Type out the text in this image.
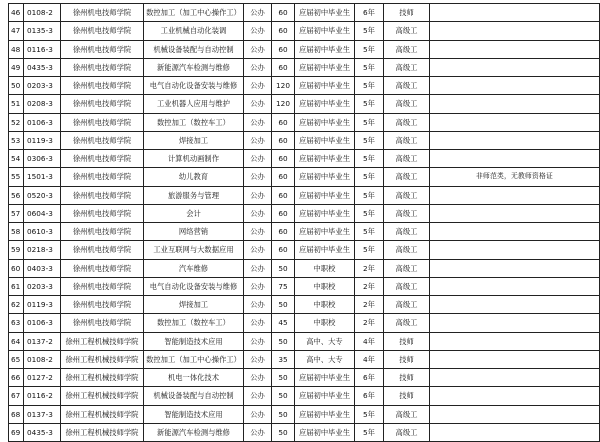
46	0108-2	徐州机电技师学院	数控加工（加工中心操作工）	公办	60	应届初中毕业生	6年	技师	
47	0135-3	徐州机电技师学院	工业机械自动化装调	公办	60	应届初中毕业生	5年	高级工	
48	0116-3	徐州机电技师学院	机械设备装配与自动控制	公办	60	应届初中毕业生	5年	高级工	
49	0435-3	徐州机电技师学院	新能源汽车检测与维修	公办	60	应届初中毕业生	5年	高级工	
50	0203-3	徐州机电技师学院	电气自动化设备安装与维修	公办	120	应届初中毕业生	5年	高级工	
51	0208-3	徐州机电技师学院	工业机器人应用与维护	公办	120	应届初中毕业生	5年	高级工	
52	0106-3	徐州机电技师学院	数控加工（数控车工）	公办	60	应届初中毕业生	5年	高级工	
53	0119-3	徐州机电技师学院	焊接加工	公办	60	应届初中毕业生	5年	高级工	
54	0306-3	徐州机电技师学院	计算机动画制作	公办	60	应届初中毕业生	5年	高级工	
55	1501-3	徐州机电技师学院	幼儿教育	公办	60	应届初中毕业生	5年	高级工	非师范类，无教师资格证
56	0520-3	徐州机电技师学院	旅游服务与管理	公办	60	应届初中毕业生	5年	高级工	
57	0604-3	徐州机电技师学院	会计	公办	60	应届初中毕业生	5年	高级工	
58	0610-3	徐州机电技师学院	网络营销	公办	60	应届初中毕业生	5年	高级工	
59	0218-3	徐州机电技师学院	工业互联网与大数据应用	公办	60	应届初中毕业生	5年	高级工	
60	0403-3	徐州机电技师学院	汽车维修	公办	50	中职校	2年	高级工	
61	0203-3	徐州机电技师学院	电气自动化设备安装与维修	公办	75	中职校	2年	高级工	
62	0119-3	徐州机电技师学院	焊接加工	公办	50	中职校	2年	高级工	
63	0106-3	徐州机电技师学院	数控加工（数控车工）	公办	45	中职校	2年	高级工	
64	0137-2	徐州工程机械技师学院	智能制造技术应用	公办	50	高中、大专	4年	技师	
65	0108-2	徐州工程机械技师学院	数控加工（加工中心操作工）	公办	35	高中、大专	4年	技师	
66	0127-2	徐州工程机械技师学院	机电一体化技术	公办	50	应届初中毕业生	6年	技师	
67	0116-2	徐州工程机械技师学院	机械设备装配与自动控制	公办	50	应届初中毕业生	6年	技师	
68	0137-3	徐州工程机械技师学院	智能制造技术应用	公办	50	应届初中毕业生	5年	高级工	
69	0435-3	徐州工程机械技师学院	新能源汽车检测与维修	公办	50	应届初中毕业生	5年	高级工	
